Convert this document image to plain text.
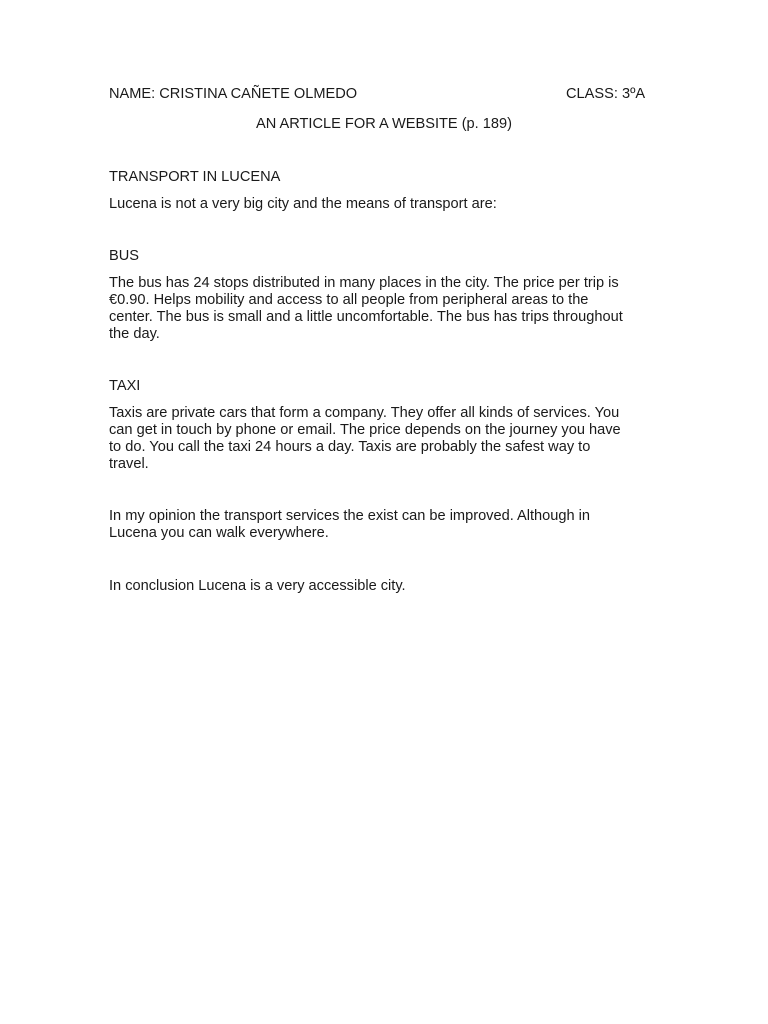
NAME: CRISTINA CAÑETE OLMEDO	CLASS: 3ºA
AN ARTICLE FOR A WEBSITE (p. 189)
TRANSPORT IN LUCENA
Lucena is not a very big city and the means of transport are:
BUS
The bus has 24 stops distributed in many places in the city. The price per trip is
€0.90. Helps mobility and access to all people from peripheral areas to the
center. The bus is small and a little uncomfortable. The bus has trips throughout
the day.
TAXI
Taxis are private cars that form a company. They offer all kinds of services. You
can get in touch by phone or email. The price depends on the journey you have
to do. You call the taxi 24 hours a day. Taxis are probably the safest way to
travel.
In my opinion the transport services the exist can be improved. Although in
Lucena you can walk everywhere.
In conclusion Lucena is a very accessible city.
